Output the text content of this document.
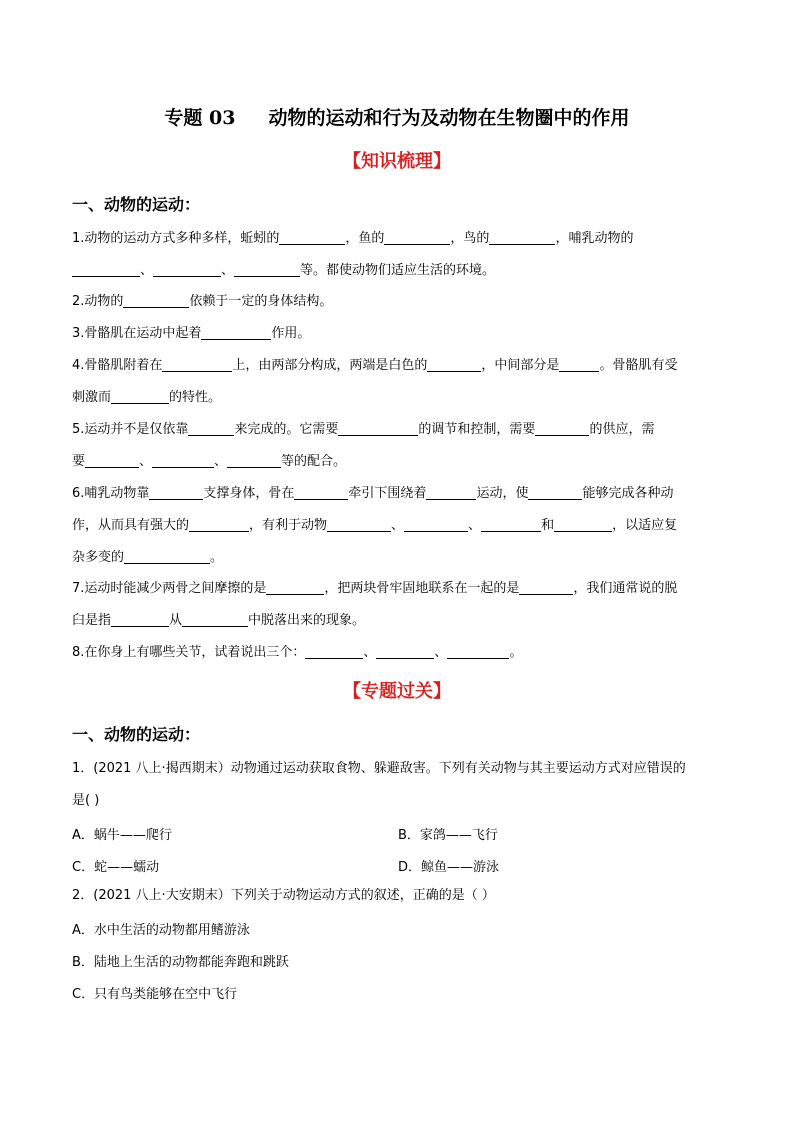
专题 03     动物的运动和行为及动物在生物圈中的作用
【知识梳理】
一、动物的运动：
1.动物的运动方式多种多样，蚯蚓的	，鱼的	，鸟的	，哺乳动物的
、	、	等。都使动物们适应生活的环境。
2.动物的	依赖于一定的身体结构。
3.骨骼肌在运动中起着	作用。
4.骨骼肌附着在	上，由两部分构成，两端是白色的	，中间部分是	。骨骼肌有受
刺激而	的特性。
5.运动并不是仅依靠	来完成的。它需要	的调节和控制，需要	的供应，需
要	、	、	等的配合。
6.哺乳动物靠	支撑身体，骨在	牵引下围绕着	运动，使	能够完成各种动
作，从而具有强大的	，有利于动物	、	、	和	，以适应复
杂多变的	。
7.运动时能减少两骨之间摩擦的是	，把两块骨牢固地联系在一起的是	，我们通常说的脱
臼是指	从	中脱落出来的现象。
8.在你身上有哪些关节，试着说出三个：	、	、	。
【专题过关】
一、动物的运动：
1．(2021 八上·揭西期末）动物通过运动获取食物、躲避敌害。下列有关动物与其主要运动方式对应错误的
是( )
A．蜗牛——爬行	B．家鸽——飞行
C．蛇——蠕动	D．鲸鱼——游泳
2．(2021 八上·大安期末）下列关于动物运动方式的叙述，正确的是（ ）
A．水中生活的动物都用鳍游泳
B．陆地上生活的动物都能奔跑和跳跃
C．只有鸟类能够在空中飞行
